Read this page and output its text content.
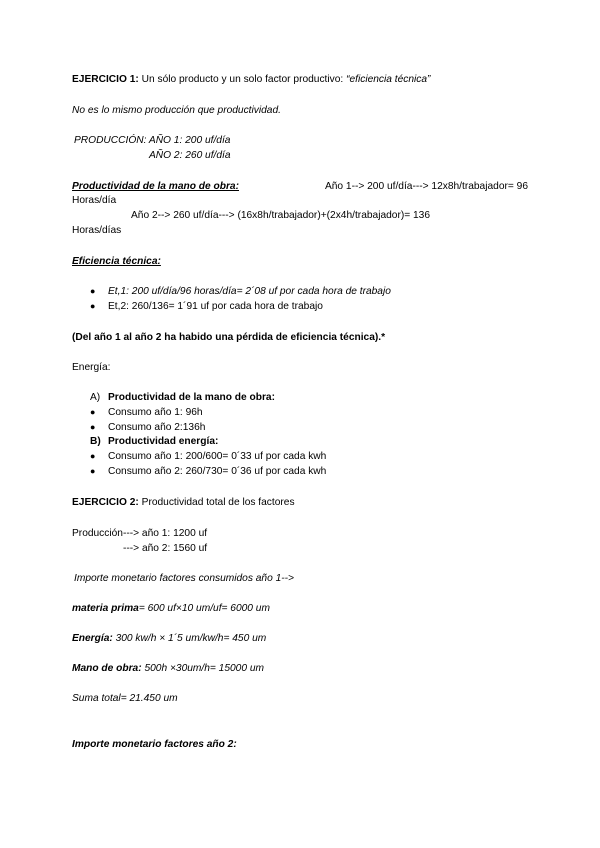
EJERCICIO 1: Un sólo producto y un solo factor productivo: “eficiencia técnica”
No es lo mismo producción que productividad.
PRODUCCIÓN: AÑO 1: 200 uf/día
AÑO 2: 260 uf/día
Productividad de la mano de obra:	Año 1--> 200 uf/día---> 12x8h/trabajador= 96
Horas/día
Año 2--> 260 uf/día---> (16x8h/trabajador)+(2x4h/trabajador)= 136
Horas/días
Eficiencia técnica:
● Et,1: 200 uf/día/96 horas/día= 2´08 uf por cada hora de trabajo
● Et,2: 260/136= 1´91 uf por cada hora de trabajo
(Del año 1 al año 2 ha habido una pérdida de eficiencia técnica).*
Energía:
A) Productividad de la mano de obra:
● Consumo año 1: 96h
● Consumo año 2:136h
B) Productividad energía:
● Consumo año 1: 200/600= 0´33 uf por cada kwh
● Consumo año 2: 260/730= 0´36 uf por cada kwh
EJERCICIO 2: Productividad total de los factores
Producción---> año 1: 1200 uf
---> año 2: 1560 uf
Importe monetario factores consumidos año 1-->
materia prima= 600 uf×10 um/uf= 6000 um
Energía: 300 kw/h × 1´5 um/kw/h= 450 um
Mano de obra: 500h ×30um/h= 15000 um
Suma total= 21.450 um
Importe monetario factores año 2:
